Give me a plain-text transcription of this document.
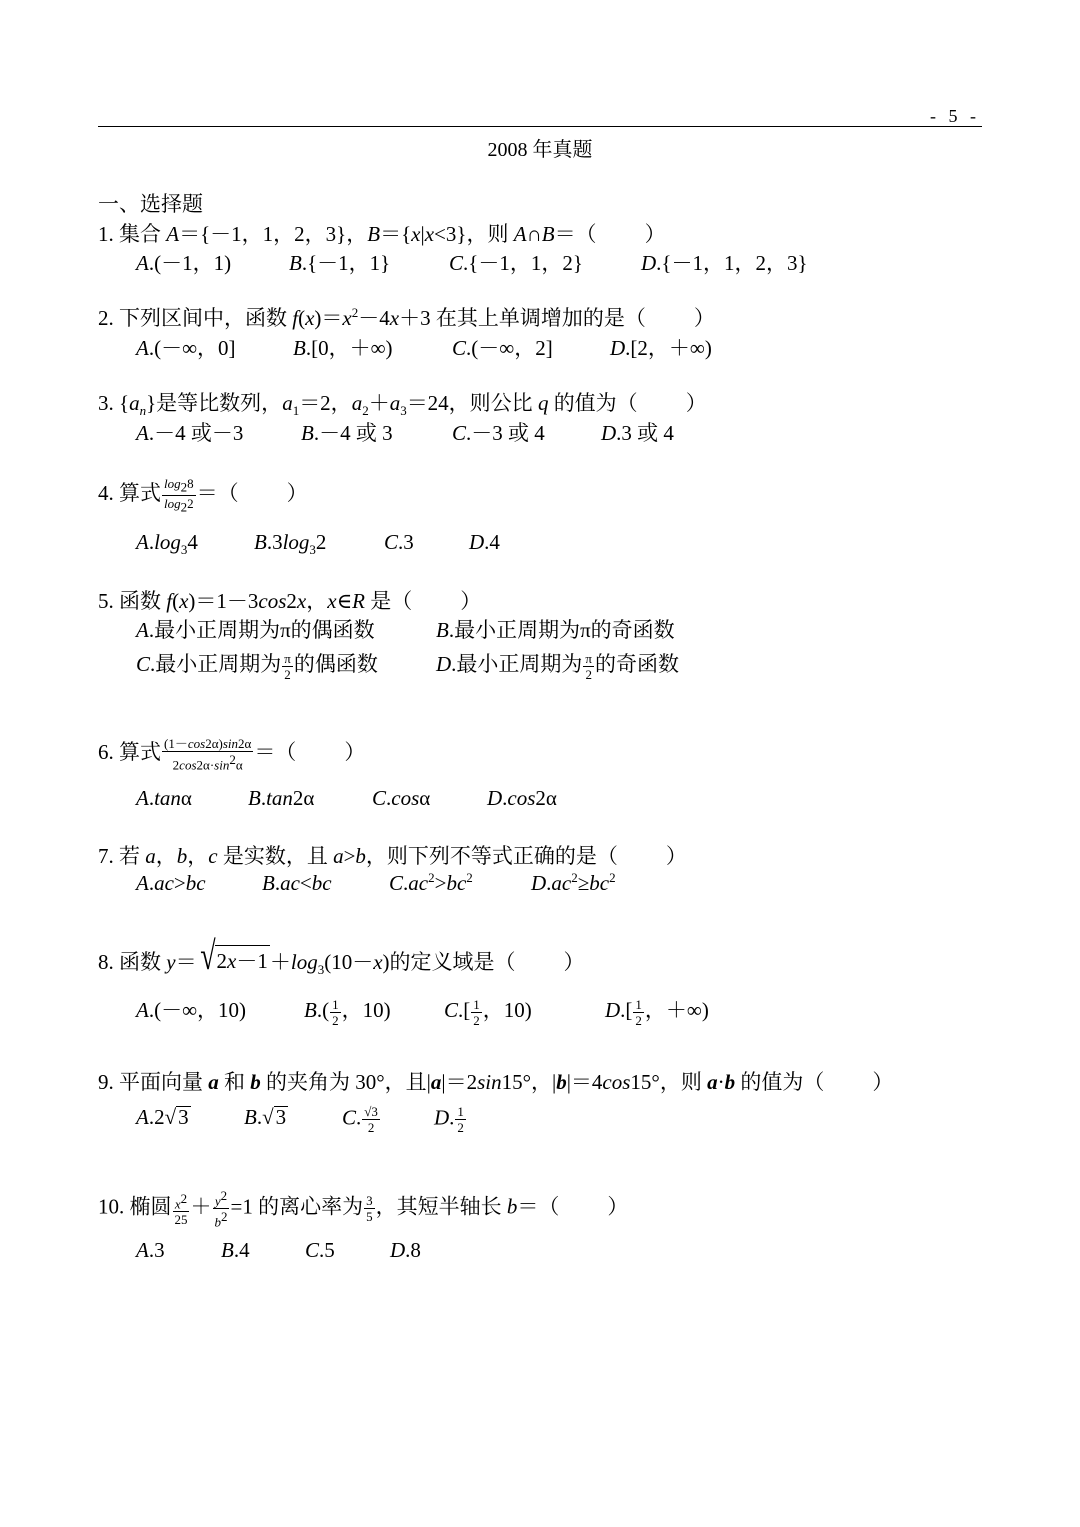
- 5 -
2008 年真题
一、选择题
1. 集合 A＝{－1，1，2，3}，B＝{x|x<3}，则 A∩B＝（ ）
A.(－1，1)	B.{－1，1}	C.{－1，1，2}	D.{－1，1，2，3}
2. 下列区间中，函数 $f(x)=x^2-4x+3$ 在其上单调增加的是（ ）
A.(－∞，0]	B.[0，＋∞)	C.(－∞，2]	D.[2，＋∞)
3. $\{a_n\}$是等比数列，$a_1=2$，$a_2+a_3=24$，则公比 q 的值为（ ）
A.－4 或－3	B.－4 或 3	C.－3 或 4	D.3 或 4
4. 算式 $\frac{\log_28}{\log_22}$ ＝（ ）
$A.\log_34$	$B.3\log_32$	C.3	D.4
5. 函数 f(x)＝1－3cos2x，x∈R 是（ ）
A.最小正周期为π的偶函数	B.最小正周期为π的奇函数
C.最小正周期为 $\frac{\pi}{2}$ 的偶函数	D.最小正周期为 $\frac{\pi}{2}$ 的奇函数
6. 算式 $\frac{(1-\cos 2\alpha)\sin 2\alpha}{2\cos 2\alpha\cdot\sin^2\alpha}$ ＝（ ）
A.tanα	B.tan2α	C.cosα	D.cos2α
7. 若 a，b，c 是实数，且 a>b，则下列不等式正确的是（ ）
A.ac>bc	B.ac<bc	$C.ac^2>bc^2$	$D.ac^2\ge bc^2$
8. 函数 y＝ √ $2x-1 +\log_3(10-x)$的定义域是（ ）
A.(－∞，10)	$B.( \frac{1}{2}$ ，10)	$C.[ \frac{1}{2}$ ，10)	$D.[ \frac{1}{2}$ ，＋∞)
9. 平面向量 a 和 b 的夹角为 30°，且|a|＝2sin15°，|b|＝4cos15°，则 a·b 的值为（ ）
A.2 √ 3	B. √ 3	C. $\frac{√3}{2}$	D. $\frac{1}{2}$
10. 椭圆 $\frac{x^2}{25} + \frac{y^2}{b^2} =1$ 的离心率为 $\frac{3}{5}$ ，其短半轴长 b＝（ ）
A.3	B.4	C.5	D.8
